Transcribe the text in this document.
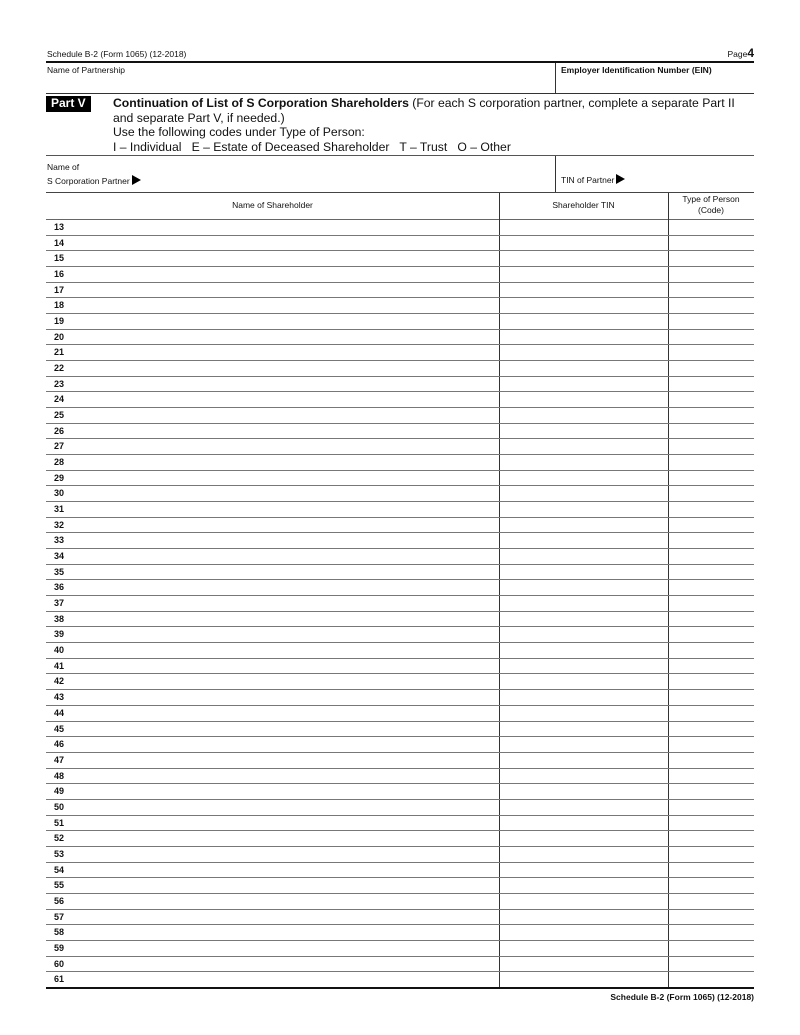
Schedule B-2 (Form 1065) (12-2018)	Page4
Name of Partnership	Employer Identification Number (EIN)
Part V	Continuation of List of S Corporation Shareholders (For each S corporation partner, complete a separate Part II and separate Part V, if needed.)
Use the following codes under Type of Person:
I – Individual   E – Estate of Deceased Shareholder   T – Trust   O – Other
Name of
S Corporation Partner	TIN of Partner
Name of Shareholder	Shareholder TIN
Type of Person
(Code)
13
14
15
16
17
18
19
20
21
22
23
24
25
26
27
28
29
30
31
32
33
34
35
36
37
38
39
40
41
42
43
44
45
46
47
48
49
50
51
52
53
54
55
56
57
58
59
60
61
Schedule B-2 (Form 1065) (12-2018)
